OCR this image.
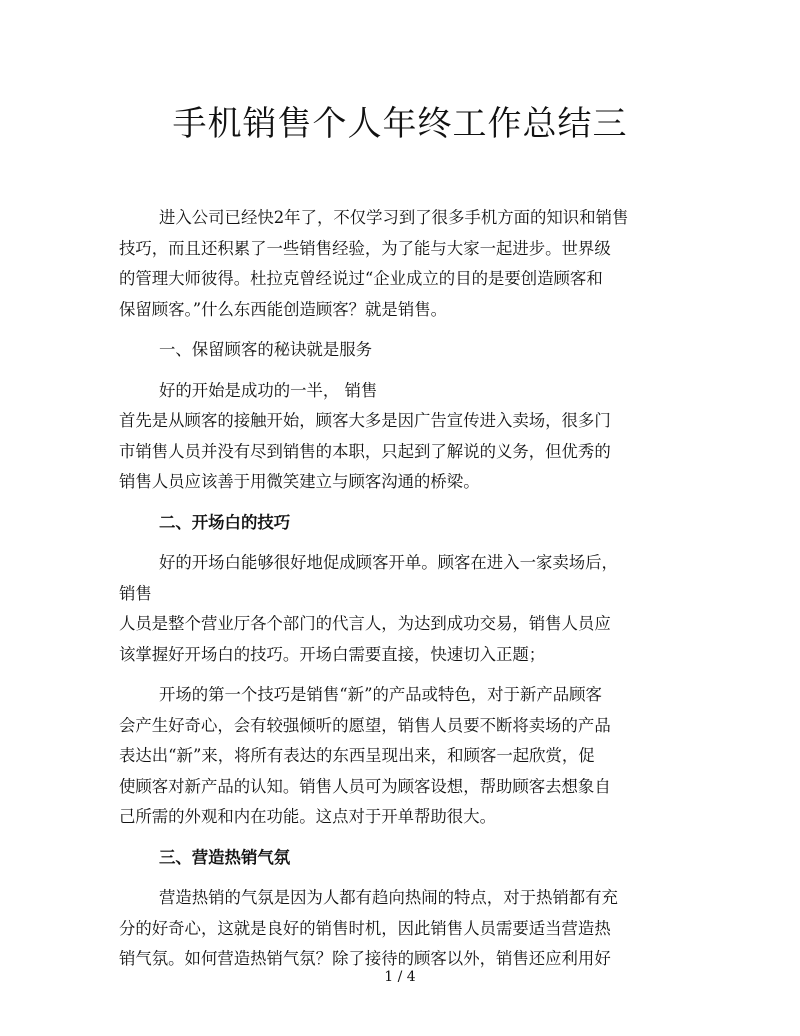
手机销售个人年终工作总结三
进入公司已经快2年了，不仅学习到了很多手机方面的知识和销售
技巧，而且还积累了一些销售经验，为了能与大家一起进步。世界级
的管理大师彼得。杜拉克曾经说过“企业成立的目的是要创造顾客和
保留顾客。”什么东西能创造顾客？就是销售。
一、保留顾客的秘诀就是服务
好的开始是成功的一半， 销售
首先是从顾客的接触开始，顾客大多是因广告宣传进入卖场，很多门
市销售人员并没有尽到销售的本职，只起到了解说的义务，但优秀的
销售人员应该善于用微笑建立与顾客沟通的桥梁。
二、开场白的技巧
好的开场白能够很好地促成顾客开单。顾客在进入一家卖场后，
销售
人员是整个营业厅各个部门的代言人，为达到成功交易，销售人员应
该掌握好开场白的技巧。开场白需要直接，快速切入正题；
开场的第一个技巧是销售“新”的产品或特色，对于新产品顾客
会产生好奇心，会有较强倾听的愿望，销售人员要不断将卖场的产品
表达出“新”来，将所有表达的东西呈现出来，和顾客一起欣赏，促
使顾客对新产品的认知。销售人员可为顾客设想，帮助顾客去想象自
己所需的外观和内在功能。这点对于开单帮助很大。
三、营造热销气氛
营造热销的气氛是因为人都有趋向热闹的特点，对于热销都有充
分的好奇心，这就是良好的销售时机，因此销售人员需要适当营造热
销气氛。如何营造热销气氛？除了接待的顾客以外，销售还应利用好
1 / 4
